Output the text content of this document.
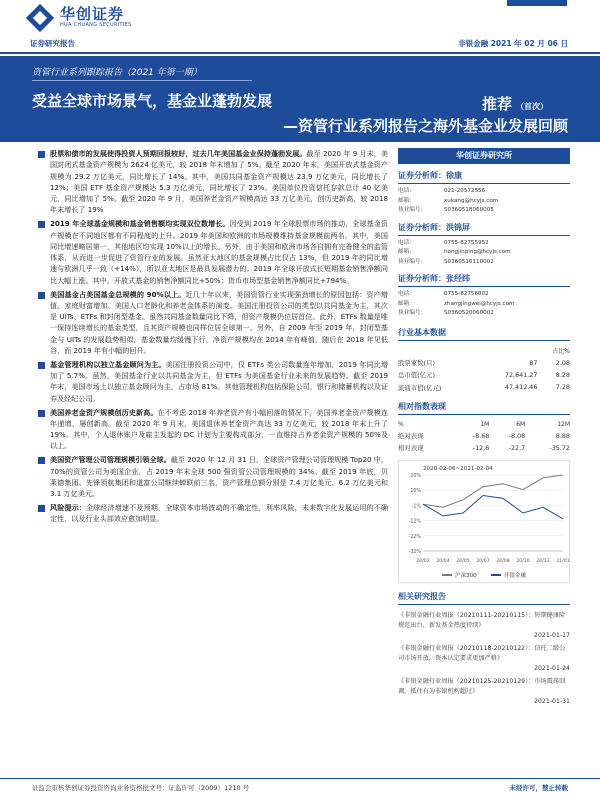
华创证券
HUA CHUANG SECURITIES
证券研究报告	非银金融 2021 年 02 月 06 日
资管行业系列跟踪报告（2021 年第一期）
受益全球市场景气，基金业蓬勃发展
—资管行业系列报告之海外基金业发展回顾
推荐 （首次）
股票和债市的发展使得投资人预期回报较好，过去几年美国基金业保持蓬勃发展。截至 2020 年 9 月末，美国封闭式基金资产规模为 2624 亿美元，较 2018 年末增加了 5%。截至 2020 年末，美国开放式基金资产规模为 29.2 万亿美元，同比增长了 14%。其中，美国共同基金资产规模达 23.9 万亿美元，同比增长了 12%；美国 ETF 基金资产规模达 5.3 万亿美元，同比增长了 23%。美国单位投资信托存款总计 40 亿美元，同比增加了 5%。截至 2020 年 9 月，美国养老金资产规模高达 33 万亿美元，创历史新高，较 2018 年末增长了 19%
2019 年全球基金规模和基金销售额均实现双位数增长。因受到 2019 年全球股票市场的推动，全球基金资产规模在不同地区都有不同程度的上升。2019 年美国和欧洲的市场规模维持基金规模前两名，其中，美国同比增速略居第一，其他地区均实现 10%以上的增长。另外，由于美国和欧洲市场各自拥有完善健全的监管体系，从而进一步促进了资管行业的发展。虽然亚太地区的基金规模占比仅占 13%，但 2019 年的同比增速与欧洲几乎一致（+14%），所以亚太地区是最具发展潜力的。2019 年全球开放式长短期基金销售净额同比大幅上涨。其中，开放式基金的销售净额同比+50%；货币市场型基金销售净额同比+794%。
美国基金占美国基金总规模的 90%以上。近几十年以来，美国资管行业实现强劲增长的原因包括：资产增值、家庭财富增加、美国人口老龄化和养老金体系的演变。美国注册投资公司的类型以共同基金为主，其次是 UITs、ETFs 和封闭型基金。虽然共同基金数量同比下降，但资产规模仍位居首位。此外，ETFs 数量是唯一保持连续增长的基金类型，且其资产规模也同样位居全球第一。另外，自 2009 年至 2019 年，封闭型基金与 UITs 的发展趋势相似，基金数量均缓慢下行，净资产规模均在 2014 年有峰值，随后在 2018 年见低谷，而 2019 年有小幅的回升。
基金管理机构以独立基金顾问为主。美国注册投资公司中，仅 ETFs 类公司数量连年增加，2019 年同比增加了 5.7%。虽然，美国基金行业以共同基金为主，但 ETFs 为美国基金行业未来的发展趋势。截至 2019 年末，美国市场上以独立基金顾问为主，占市场 81%。其他管理机构包括保险公司，银行和储蓄机构以及证券及经纪公司。
美国养老金资产规模创历史新高。在不考虑 2018 年养老资产有小幅回落的情况下，美国养老金资产规模连年递增，屡创新高。截至 2020 年 9 月末，美国退休养老金资产高达 33 万亿美元，较 2018 年末上升了 19%。其中，个人退休账户及雇主发起的 DC 计划为主要构成部分，一直维持占养老金资产规模的 50%及以上。
美国资产管理公司管理规模引领全球。截至 2020 年 12 月 31 日，全球资产管理公司管理规模 Top20 中，70%的资管公司为美国企业，占 2019 年末全球 500 强资管公司管理规模的 34%。截至 2019 年底，贝莱德集团、先锋领航集团和道富公司继续蝉联前三名，资产管理总额分别是 7.4 万亿美元、6.2 万亿美元和 3.1 万亿美元。
风险提示：全球经济增速不及预期，全球资本市场波动的不确定性，利率风险，未来数字化发展运用的不确定性，以及行业头部效应愈加明显。
华创证券研究所
证券分析师：徐康
电话：	021-20572556
邮箱：	xukang@hcyjs.com
执业编号：	S0360518060005
证券分析师：洪锦屏
电话：	0755-82755952
邮箱：	hongjinping@hcyjs.com
执业编号：	S0360516110002
证券分析师：张经纬
电话：	0755-82756802
邮箱：	zhangjingwei@hcyjs.com
执业编号：	S0360520060002
行业基本数据
		占比%
股票家数(只)	87	2.08
总市值(亿元)	72,641.27	8.28
流通市值(亿元)	47,412.46	7.28
相对指数表现
%	1M	6M	12M
绝对表现	-8.68	-8.08	8.88
相对表现	-12.6	-22.7	-35.72
2020-02-06~2021-02-04
20%
10%
-1%
-12%
-22%
-32%
20/02 20/04 20/05 20/07 20/08 20/10 20/12 21/01
沪深300	非银金融
相关研究报告
《非银金融行业周报（20210111-20210115）：短期健康险规范出台，新发基金热度持续》
2021-01-17
《非银金融行业周报（20210118-20210122）：信托二级公司市场开放，资本认定要求更加严格》
2021-01-24
《非银金融行业周报（20210125-20210129）：市场震荡回调，抵住有为非银机构超过》
2021-01-31
证监会审核华创证券投资咨询业务资格批文号：证监许可（2009）1210 号	未经许可，禁止转载
